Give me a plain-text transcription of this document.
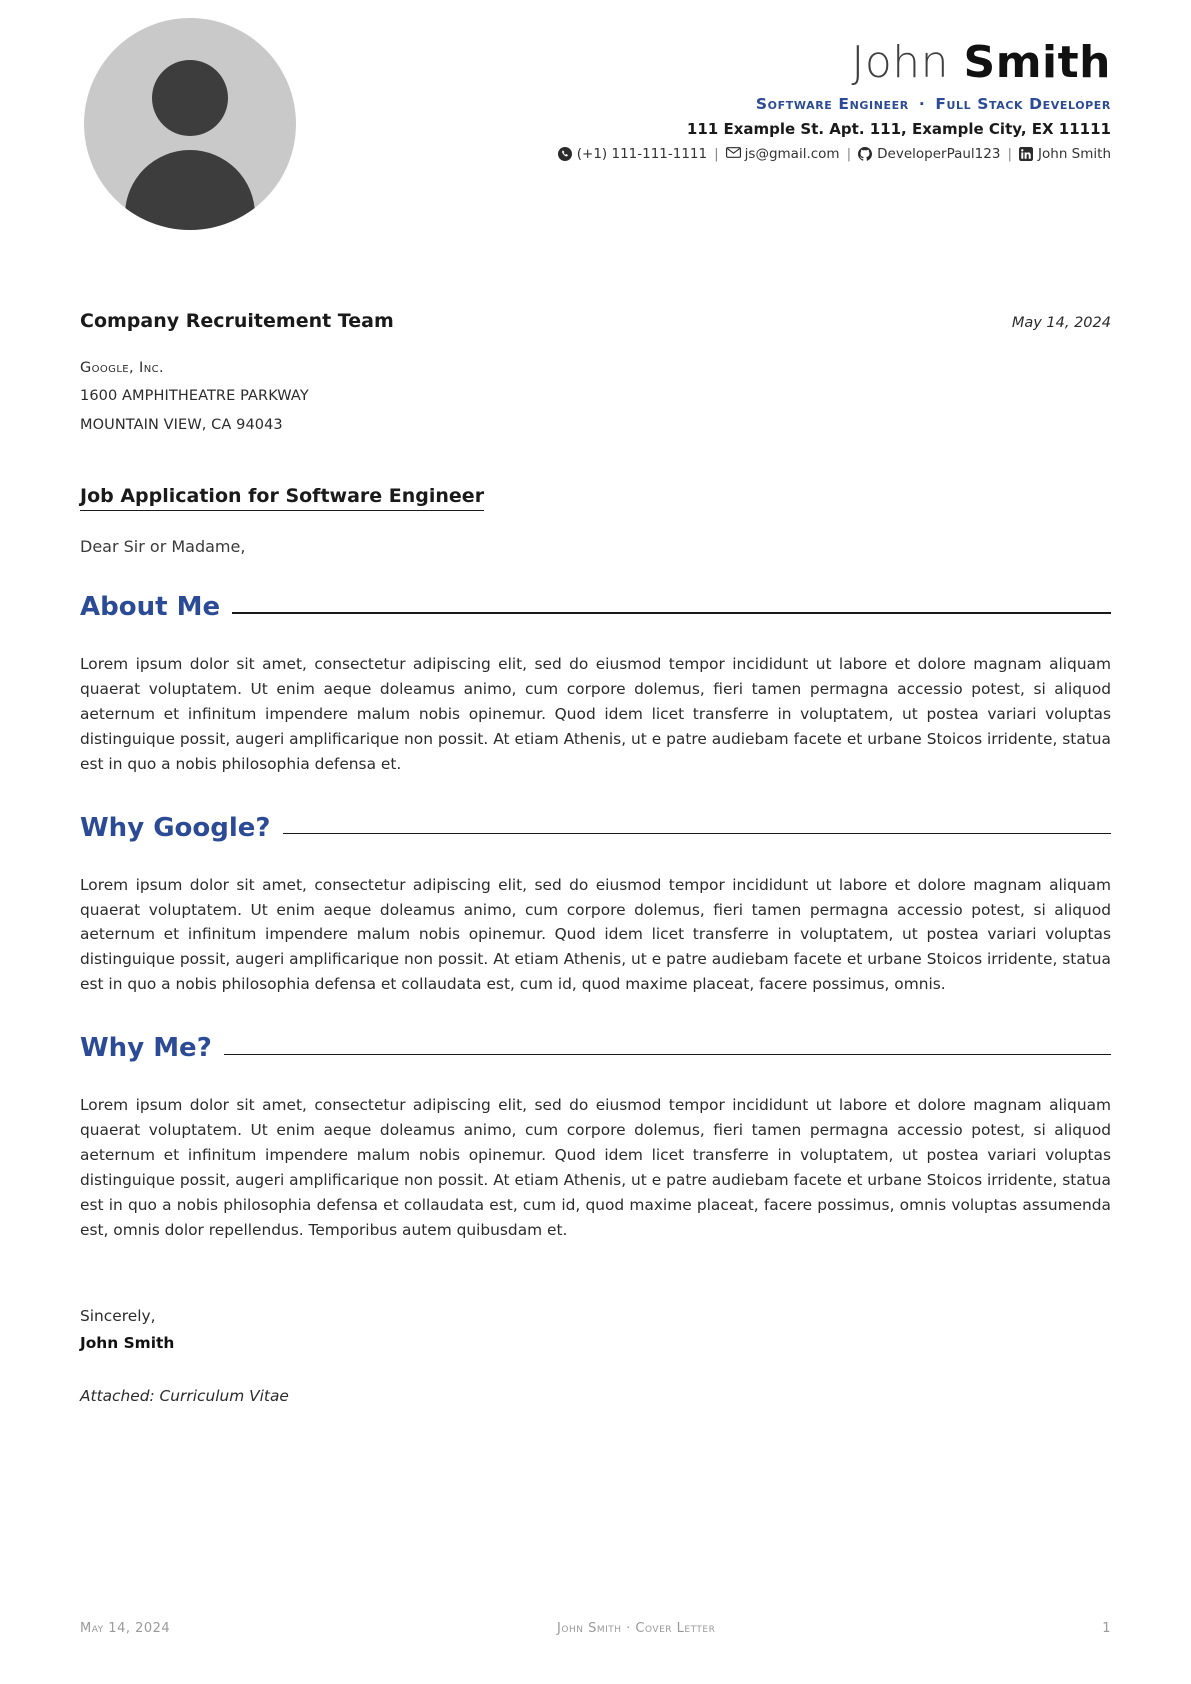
John Smith
Software Engineer · Full Stack Developer
111 Example St. Apt. 111, Example City, EX 11111
(+1) 111-111-1111 | js@gmail.com | DeveloperPaul123 | John Smith
Company Recruitement Team	May 14, 2024
Google, Inc.
1600 AMPHITHEATRE PARKWAY
MOUNTAIN VIEW, CA 94043
Job Application for Software Engineer
Dear Sir or Madame,
About Me
Lorem ipsum dolor sit amet, consectetur adipiscing elit, sed do eiusmod tempor incididunt ut labore et dolore magnam aliquam quaerat voluptatem. Ut enim aeque doleamus animo, cum corpore dolemus, fieri tamen permagna accessio potest, si aliquod aeternum et infinitum impendere malum nobis opinemur. Quod idem licet transferre in voluptatem, ut postea variari voluptas distinguique possit, augeri amplificarique non possit. At etiam Athenis, ut e patre audiebam facete et urbane Stoicos irridente, statua est in quo a nobis philosophia defensa et.
Why Google?
Lorem ipsum dolor sit amet, consectetur adipiscing elit, sed do eiusmod tempor incididunt ut labore et dolore magnam aliquam quaerat voluptatem. Ut enim aeque doleamus animo, cum corpore dolemus, fieri tamen permagna accessio potest, si aliquod aeternum et infinitum impendere malum nobis opinemur. Quod idem licet transferre in voluptatem, ut postea variari voluptas distinguique possit, augeri amplificarique non possit. At etiam Athenis, ut e patre audiebam facete et urbane Stoicos irridente, statua est in quo a nobis philosophia defensa et collaudata est, cum id, quod maxime placeat, facere possimus, omnis.
Why Me?
Lorem ipsum dolor sit amet, consectetur adipiscing elit, sed do eiusmod tempor incididunt ut labore et dolore magnam aliquam quaerat voluptatem. Ut enim aeque doleamus animo, cum corpore dolemus, fieri tamen permagna accessio potest, si aliquod aeternum et infinitum impendere malum nobis opinemur. Quod idem licet transferre in voluptatem, ut postea variari voluptas distinguique possit, augeri amplificarique non possit. At etiam Athenis, ut e patre audiebam facete et urbane Stoicos irridente, statua est in quo a nobis philosophia defensa et collaudata est, cum id, quod maxime placeat, facere possimus, omnis voluptas assumenda est, omnis dolor repellendus. Temporibus autem quibusdam et.
Sincerely,
John Smith
Attached: Curriculum Vitae
May 14, 2024	John Smith · Cover Letter	1
